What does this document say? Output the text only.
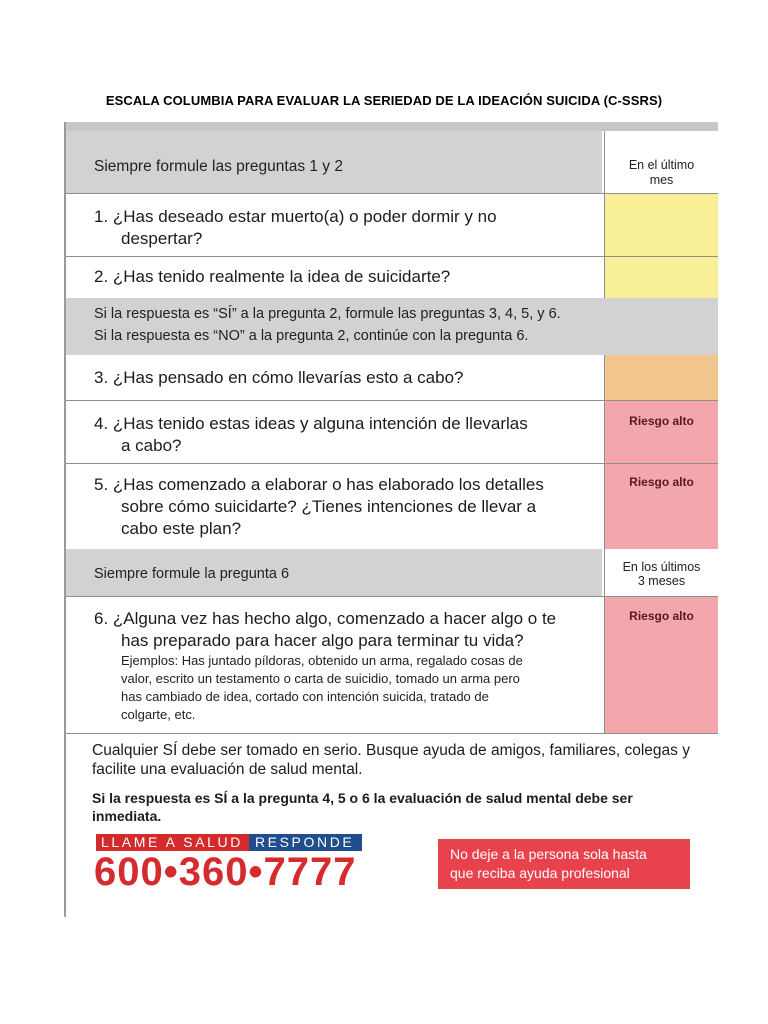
ESCALA COLUMBIA PARA EVALUAR LA SERIEDAD DE LA IDEACIÓN SUICIDA (C-SSRS)
Siempre formule las preguntas 1 y 2	En el último
mes
1. ¿Has deseado estar muerto(a) o poder dormir y no
despertar?
2. ¿Has tenido realmente la idea de suicidarte?
Si la respuesta es “SÍ” a la pregunta 2, formule las preguntas 3, 4, 5, y 6.
Si la respuesta es “NO” a la pregunta 2, continúe con la pregunta 6.
3. ¿Has pensado en cómo llevarías esto a cabo?
4. ¿Has tenido estas ideas y alguna intención de llevarlas
a cabo?
Riesgo alto
5. ¿Has comenzado a elaborar o has elaborado los detalles
sobre cómo suicidarte? ¿Tienes intenciones de llevar a
cabo este plan?
Riesgo alto
Siempre formule la pregunta 6	En los últimos
3 meses
6. ¿Alguna vez has hecho algo, comenzado a hacer algo o te
has preparado para hacer algo para terminar tu vida?
Ejemplos: Has juntado píldoras, obtenido un arma, regalado cosas de
valor, escrito un testamento o carta de suicidio, tomado un arma pero
has cambiado de idea, cortado con intención suicida, tratado de
colgarte, etc.
Riesgo alto
Cualquier SÍ debe ser tomado en serio. Busque ayuda de amigos, familiares, colegas y facilite una evaluación de salud mental.
Si la respuesta es SÍ a la pregunta 4, 5 o 6 la evaluación de salud mental debe ser inmediata.
LLAME A SALUD RESPONDE
600•360•7777	No deje a la persona sola hasta
que reciba ayuda profesional
